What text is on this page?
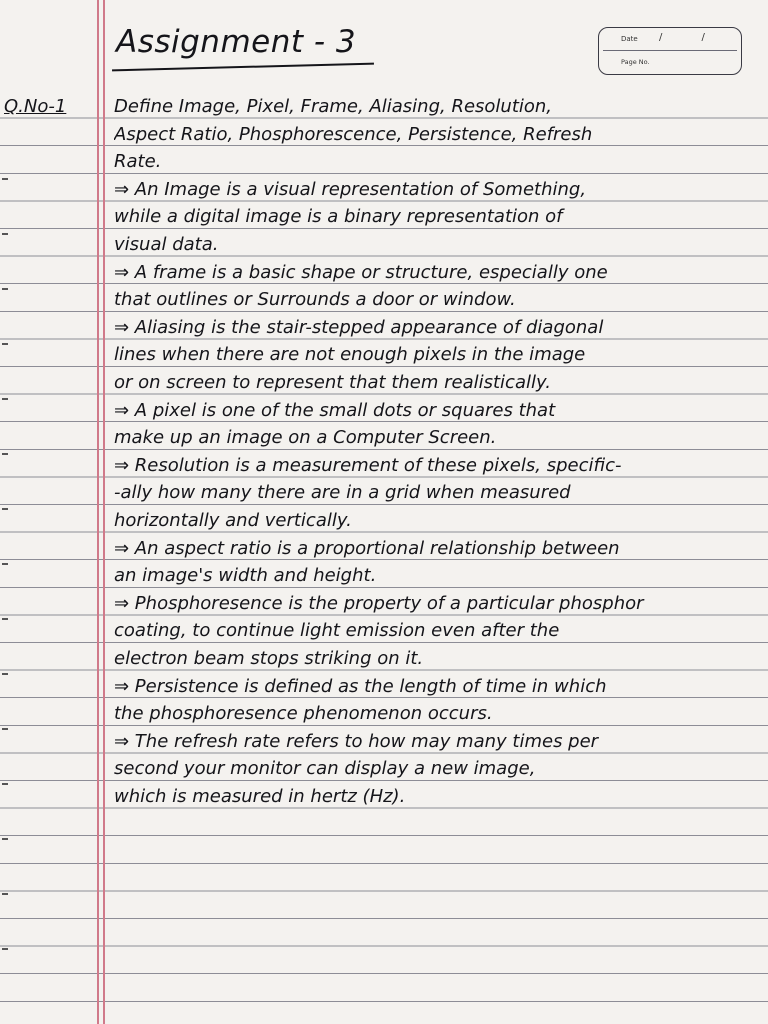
Assignment - 3	Date / /
Page No.
Q.No-1	Define Image, Pixel, Frame, Aliasing, Resolution,
Aspect Ratio, Phosphorescence, Persistence, Refresh
Rate.
⇒ An Image is a visual representation of Something,
while a digital image is a binary representation of
visual data.
⇒ A frame is a basic shape or structure, especially one
that outlines or Surrounds a door or window.
⇒ Aliasing is the stair-stepped appearance of diagonal
lines when there are not enough pixels in the image
or on screen to represent that them realistically.
⇒ A pixel is one of the small dots or squares that
make up an image on a Computer Screen.
⇒ Resolution is a measurement of these pixels, specific-
-ally how many there are in a grid when measured
horizontally and vertically.
⇒ An aspect ratio is a proportional relationship between
an image's width and height.
⇒ Phosphoresence is the property of a particular phosphor
coating, to continue light emission even after the
electron beam stops striking on it.
⇒ Persistence is defined as the length of time in which
the phosphoresence phenomenon occurs.
⇒ The refresh rate refers to how may many times per
second your monitor can display a new image,
which is measured in hertz (Hz).
